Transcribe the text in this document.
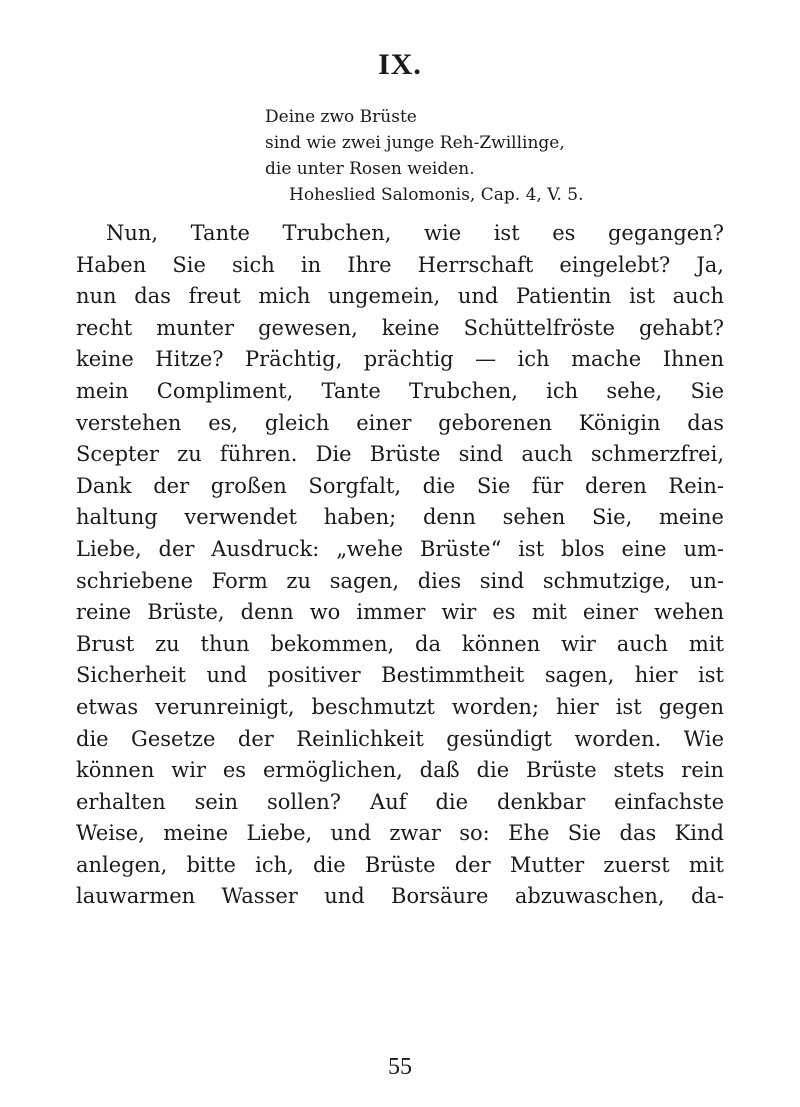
IX.
Deine zwo Brüste
sind wie zwei junge Reh-Zwillinge,
die unter Rosen weiden.
Hoheslied Salomonis, Cap. 4, V. 5.
Nun, Tante Trubchen, wie ist es gegangen?
Haben Sie sich in Ihre Herrschaft eingelebt? Ja,
nun das freut mich ungemein, und Patientin ist auch
recht munter gewesen, keine Schüttelfröste gehabt?
keine Hitze? Prächtig, prächtig — ich mache Ihnen
mein Compliment, Tante Trubchen, ich sehe, Sie
verstehen es, gleich einer geborenen Königin das
Scepter zu führen. Die Brüste sind auch schmerzfrei,
Dank der großen Sorgfalt, die Sie für deren Rein-
haltung verwendet haben; denn sehen Sie, meine
Liebe, der Ausdruck: „wehe Brüste“ ist blos eine um-
schriebene Form zu sagen, dies sind schmutzige, un-
reine Brüste, denn wo immer wir es mit einer wehen
Brust zu thun bekommen, da können wir auch mit
Sicherheit und positiver Bestimmtheit sagen, hier ist
etwas verunreinigt, beschmutzt worden; hier ist gegen
die Gesetze der Reinlichkeit gesündigt worden. Wie
können wir es ermöglichen, daß die Brüste stets rein
erhalten sein sollen? Auf die denkbar einfachste
Weise, meine Liebe, und zwar so: Ehe Sie das Kind
anlegen, bitte ich, die Brüste der Mutter zuerst mit
lauwarmen Wasser und Borsäure abzuwaschen, da-
55
